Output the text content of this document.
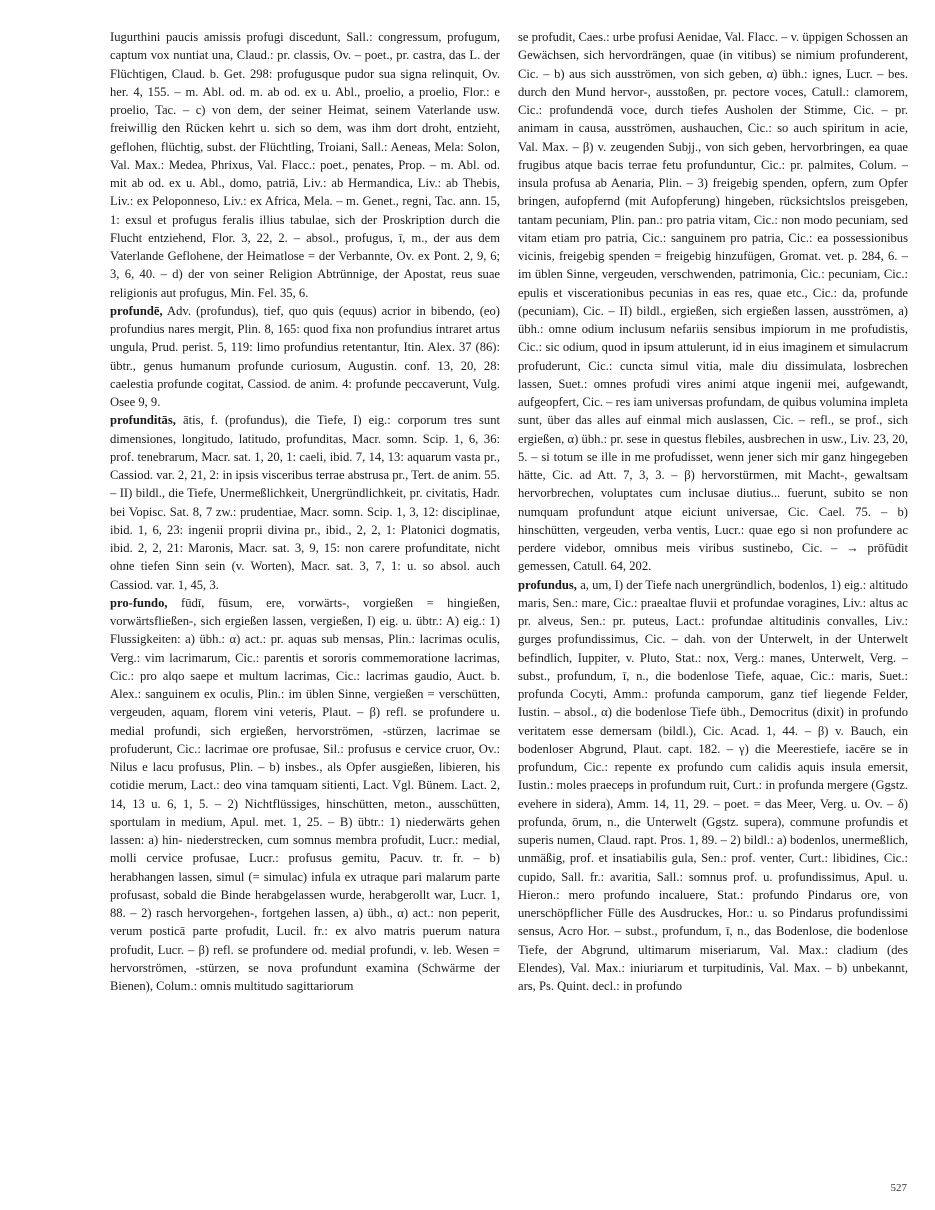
Iugurthini paucis amissis profugi discedunt, Sall.: congressum, profugum, captum vox nuntiat una, Claud.: pr. classis, Ov. – poet., pr. castra, das L. der Flüchtigen, Claud. b. Get. 298: profugusque pudor sua signa relinquit, Ov. her. 4, 155. – m. Abl. od. m. ab od. ex u. Abl., proelio, a proelio, Flor.: e proelio, Tac. – c) von dem, der seiner Heimat, seinem Vaterlande usw. freiwillig den Rücken kehrt u. sich so dem, was ihm dort droht, entzieht, geflohen, flüchtig, subst. der Flüchtling, Troiani, Sall.: Aeneas, Mela: Solon, Val. Max.: Medea, Phrixus, Val. Flacc.: poet., penates, Prop. – m. Abl. od. mit ab od. ex u. Abl., domo, patriā, Liv.: ab Hermandica, Liv.: ab Thebis, Liv.: ex Peloponneso, Liv.: ex Africa, Mela. – m. Genet., regni, Tac. ann. 15, 1: exsul et profugus feralis illius tabulae, sich der Proskription durch die Flucht entziehend, Flor. 3, 22, 2. – absol., profugus, ī, m., der aus dem Vaterlande Geflohene, der Heimatlose = der Verbannte, Ov. ex Pont. 2, 9, 6; 3, 6, 40. – d) der von seiner Religion Abtrünnige, der Apostat, reus suae religionis aut profugus, Min. Fel. 35, 6.

profundē, Adv. (profundus), tief, quo quis (equus) acrior in bibendo, (eo) profundius nares mergit, Plin. 8, 165: quod fixa non profundius intraret artus ungula, Prud. perist. 5, 119: limo profundius retentantur, Itin. Alex. 37 (86): übtr., genus humanum profunde curiosum, Augustin. conf. 13, 20, 28: caelestia profunde cogitat, Cassiod. de anim. 4: profunde peccaverunt, Vulg. Osee 9, 9.

profunditās, ātis, f. (profundus), die Tiefe, I) eig.: corporum tres sunt dimensiones, longitudo, latitudo, profunditas, Macr. somn. Scip. 1, 6, 36: prof. tenebrarum, Macr. sat. 1, 20, 1: caeli, ibid. 7, 14, 13: aquarum vasta pr., Cassiod. var. 2, 21, 2: in ipsis visceribus terrae abstrusa pr., Tert. de anim. 55. – II) bildl., die Tiefe, Unermeßlichkeit, Unergründlichkeit, pr. civitatis, Hadr. bei Vopisc. Sat. 8, 7 zw.: prudentiae, Macr. somn. Scip. 1, 3, 12: disciplinae, ibid. 1, 6, 23: ingenii proprii divina pr., ibid., 2, 2, 1: Platonici dogmatis, ibid. 2, 2, 21: Maronis, Macr. sat. 3, 9, 15: non carere profunditate, nicht ohne tiefen Sinn sein (v. Worten), Macr. sat. 3, 7, 1: u. so absol. auch Cassiod. var. 1, 45, 3.

pro-fundo, fūdī, fūsum, ere, vorwärts-, vorgießen = hingießen, vorwärtsfließen-, sich ergießen lassen, vergießen, I) eig. u. übtr.: A) eig.: 1) Flussigkeiten: a) übh.: α) act.: pr. aquas sub mensas, Plin.: lacrimas oculis, Verg.: vim lacrimarum, Cic.: parentis et sororis commemoratione lacrimas, Cic.: pro alqo saepe et multum lacrimas, Cic.: lacrimas gaudio, Auct. b. Alex.: sanguinem ex oculis, Plin.: im üblen Sinne, vergießen = verschütten, vergeuden, aquam, florem vini veteris, Plaut. – β) refl. se profundere u. medial profundi, sich ergießen, hervorströmen, -stürzen, lacrimae se profuderunt, Cic.: lacrimae ore profusae, Sil.: profusus e cervice cruor, Ov.: Nilus e lacu profusus, Plin. – b) insbes., als Opfer ausgießen, libieren, his cotidie merum, Lact.: deo vina tamquam sitienti, Lact. Vgl. Bünem. Lact. 2, 14, 13 u. 6, 1, 5. – 2) Nichtflüssiges, hinschütten, meton., ausschütten, sportulam in medium, Apul. met. 1, 25. – B) übtr.: 1) niederwärts gehen lassen: a) hin- niederstrecken, cum somnus membra profudit, Lucr.: medial, molli cervice profusae, Lucr.: profusus gemitu, Pacuv. tr. fr. – b) herabhangen lassen, simul (= simulac) infula ex utraque pari malarum parte profusast, sobald die Binde herabgelassen wurde, herabgerollt war, Lucr. 1, 88. – 2) rasch hervorgehen-, fortgehen lassen, a) übh., α) act.: non peperit, verum posticā parte profudit, Lucil. fr.: ex alvo matris puerum natura profudit, Lucr. – β) refl. se profundere od. medial profundi, v. leb. Wesen = hervorströmen, -stürzen, se nova profundunt examina (Schwärme der Bienen), Colum.: omnis multitudo sagittariorum

se profudit, Caes.: urbe profusi Aenidae, Val. Flacc. – v. üppigen Schossen an Gewächsen, sich hervordrängen, quae (in vitibus) se nimium profunderent, Cic. – b) aus sich ausströmen, von sich geben, α) übh.: ignes, Lucr. – bes. durch den Mund hervor-, ausstoßen, pr. pectore voces, Catull.: clamorem, Cic.: profundendā voce, durch tiefes Ausholen der Stimme, Cic. – pr. animam in causa, ausströmen, aushauchen, Cic.: so auch spiritum in acie, Val. Max. – β) v. zeugenden Subjj., von sich geben, hervorbringen, ea quae frugibus atque bacis terrae fetu profunduntur, Cic.: pr. palmites, Colum. – insula profusa ab Aenaria, Plin. – 3) freigebig spenden, opfern, zum Opfer bringen, aufopfernd (mit Aufopferung) hingeben, rücksichtslos preisgeben, tantam pecuniam, Plin. pan.: pro patria vitam, Cic.: non modo pecuniam, sed vitam etiam pro patria, Cic.: sanguinem pro patria, Cic.: ea possessionibus vicinis, freigebig spenden = freigebig hinzufügen, Gromat. vet. p. 284, 6. – im üblen Sinne, vergeuden, verschwenden, patrimonia, Cic.: pecuniam, Cic.: epulis et viscerationibus pecunias in eas res, quae etc., Cic.: da, profunde (pecuniam), Cic. – II) bildl., ergießen, sich ergießen lassen, ausströmen, a) übh.: omne odium inclusum nefariis sensibus impiorum in me profudistis, Cic.: sic odium, quod in ipsum attulerunt, id in eius imaginem et simulacrum profuderunt, Cic.: cuncta simul vitia, male diu dissimulata, losbrechen lassen, Suet.: omnes profudi vires animi atque ingenii mei, aufgewandt, aufgeopfert, Cic. – res iam universas profundam, de quibus volumina impleta sunt, über das alles auf einmal mich auslassen, Cic. – refl., se prof., sich ergießen, α) übh.: pr. sese in questus flebiles, ausbrechen in usw., Liv. 23, 20, 5. – si totum se ille in me profudisset, wenn jener sich mir ganz hingegeben hätte, Cic. ad Att. 7, 3, 3. – β) hervorstürmen, mit Macht-, gewaltsam hervorbrechen, voluptates cum inclusae diutius... fuerunt, subito se non numquam profundunt atque eiciunt universae, Cic. Cael. 75. – b) hinschütten, vergeuden, verba ventis, Lucr.: quae ego si non profundere ac perdere videbor, omnibus meis viribus sustinebo, Cic. – → prōfūdit gemessen, Catull. 64, 202.

profundus, a, um, I) der Tiefe nach unergründlich, bodenlos, 1) eig.: altitudo maris, Sen.: mare, Cic.: praealtae fluvii et profundae voragines, Liv.: altus ac pr. alveus, Sen.: pr. puteus, Lact.: profundae altitudinis convalles, Liv.: gurges profundissimus, Cic. – dah. von der Unterwelt, in der Unterwelt befindlich, Iuppiter, v. Pluto, Stat.: nox, Verg.: manes, Unterwelt, Verg. – subst., profundum, ī, n., die bodenlose Tiefe, aquae, Cic.: maris, Suet.: profunda Cocyti, Amm.: profunda camporum, ganz tief liegende Felder, Iustin. – absol., α) die bodenlose Tiefe übh., Democritus (dixit) in profundo veritatem esse demersam (bildl.), Cic. Acad. 1, 44. – β) v. Bauch, ein bodenloser Abgrund, Plaut. capt. 182. – γ) die Meerestiefe, iacēre se in profundum, Cic.: repente ex profundo cum calidis aquis insula emersit, Iustin.: moles praeceps in profundum ruit, Curt.: in profunda mergere (Ggstz. evehere in sidera), Amm. 14, 11, 29. – poet. = das Meer, Verg. u. Ov. – δ) profunda, ōrum, n., die Unterwelt (Ggstz. supera), commune profundis et superis numen, Claud. rapt. Pros. 1, 89. – 2) bildl.: a) bodenlos, unermeßlich, unmäßig, prof. et insatiabilis gula, Sen.: prof. venter, Curt.: libidines, Cic.: cupido, Sall. fr.: avaritia, Sall.: somnus prof. u. profundissimus, Apul. u. Hieron.: mero profundo incaluere, Stat.: profundo Pindarus ore, von unerschöpflicher Fülle des Ausdruckes, Hor.: u. so Pindarus profundissimi sensus, Acro Hor. – subst., profundum, ī, n., das Bodenlose, die bodenlose Tiefe, der Abgrund, ultimarum miseriarum, Val. Max.: cladium (des Elendes), Val. Max.: iniuriarum et turpitudinis, Val. Max. – b) unbekannt, ars, Ps. Quint. decl.: in profundo

527
